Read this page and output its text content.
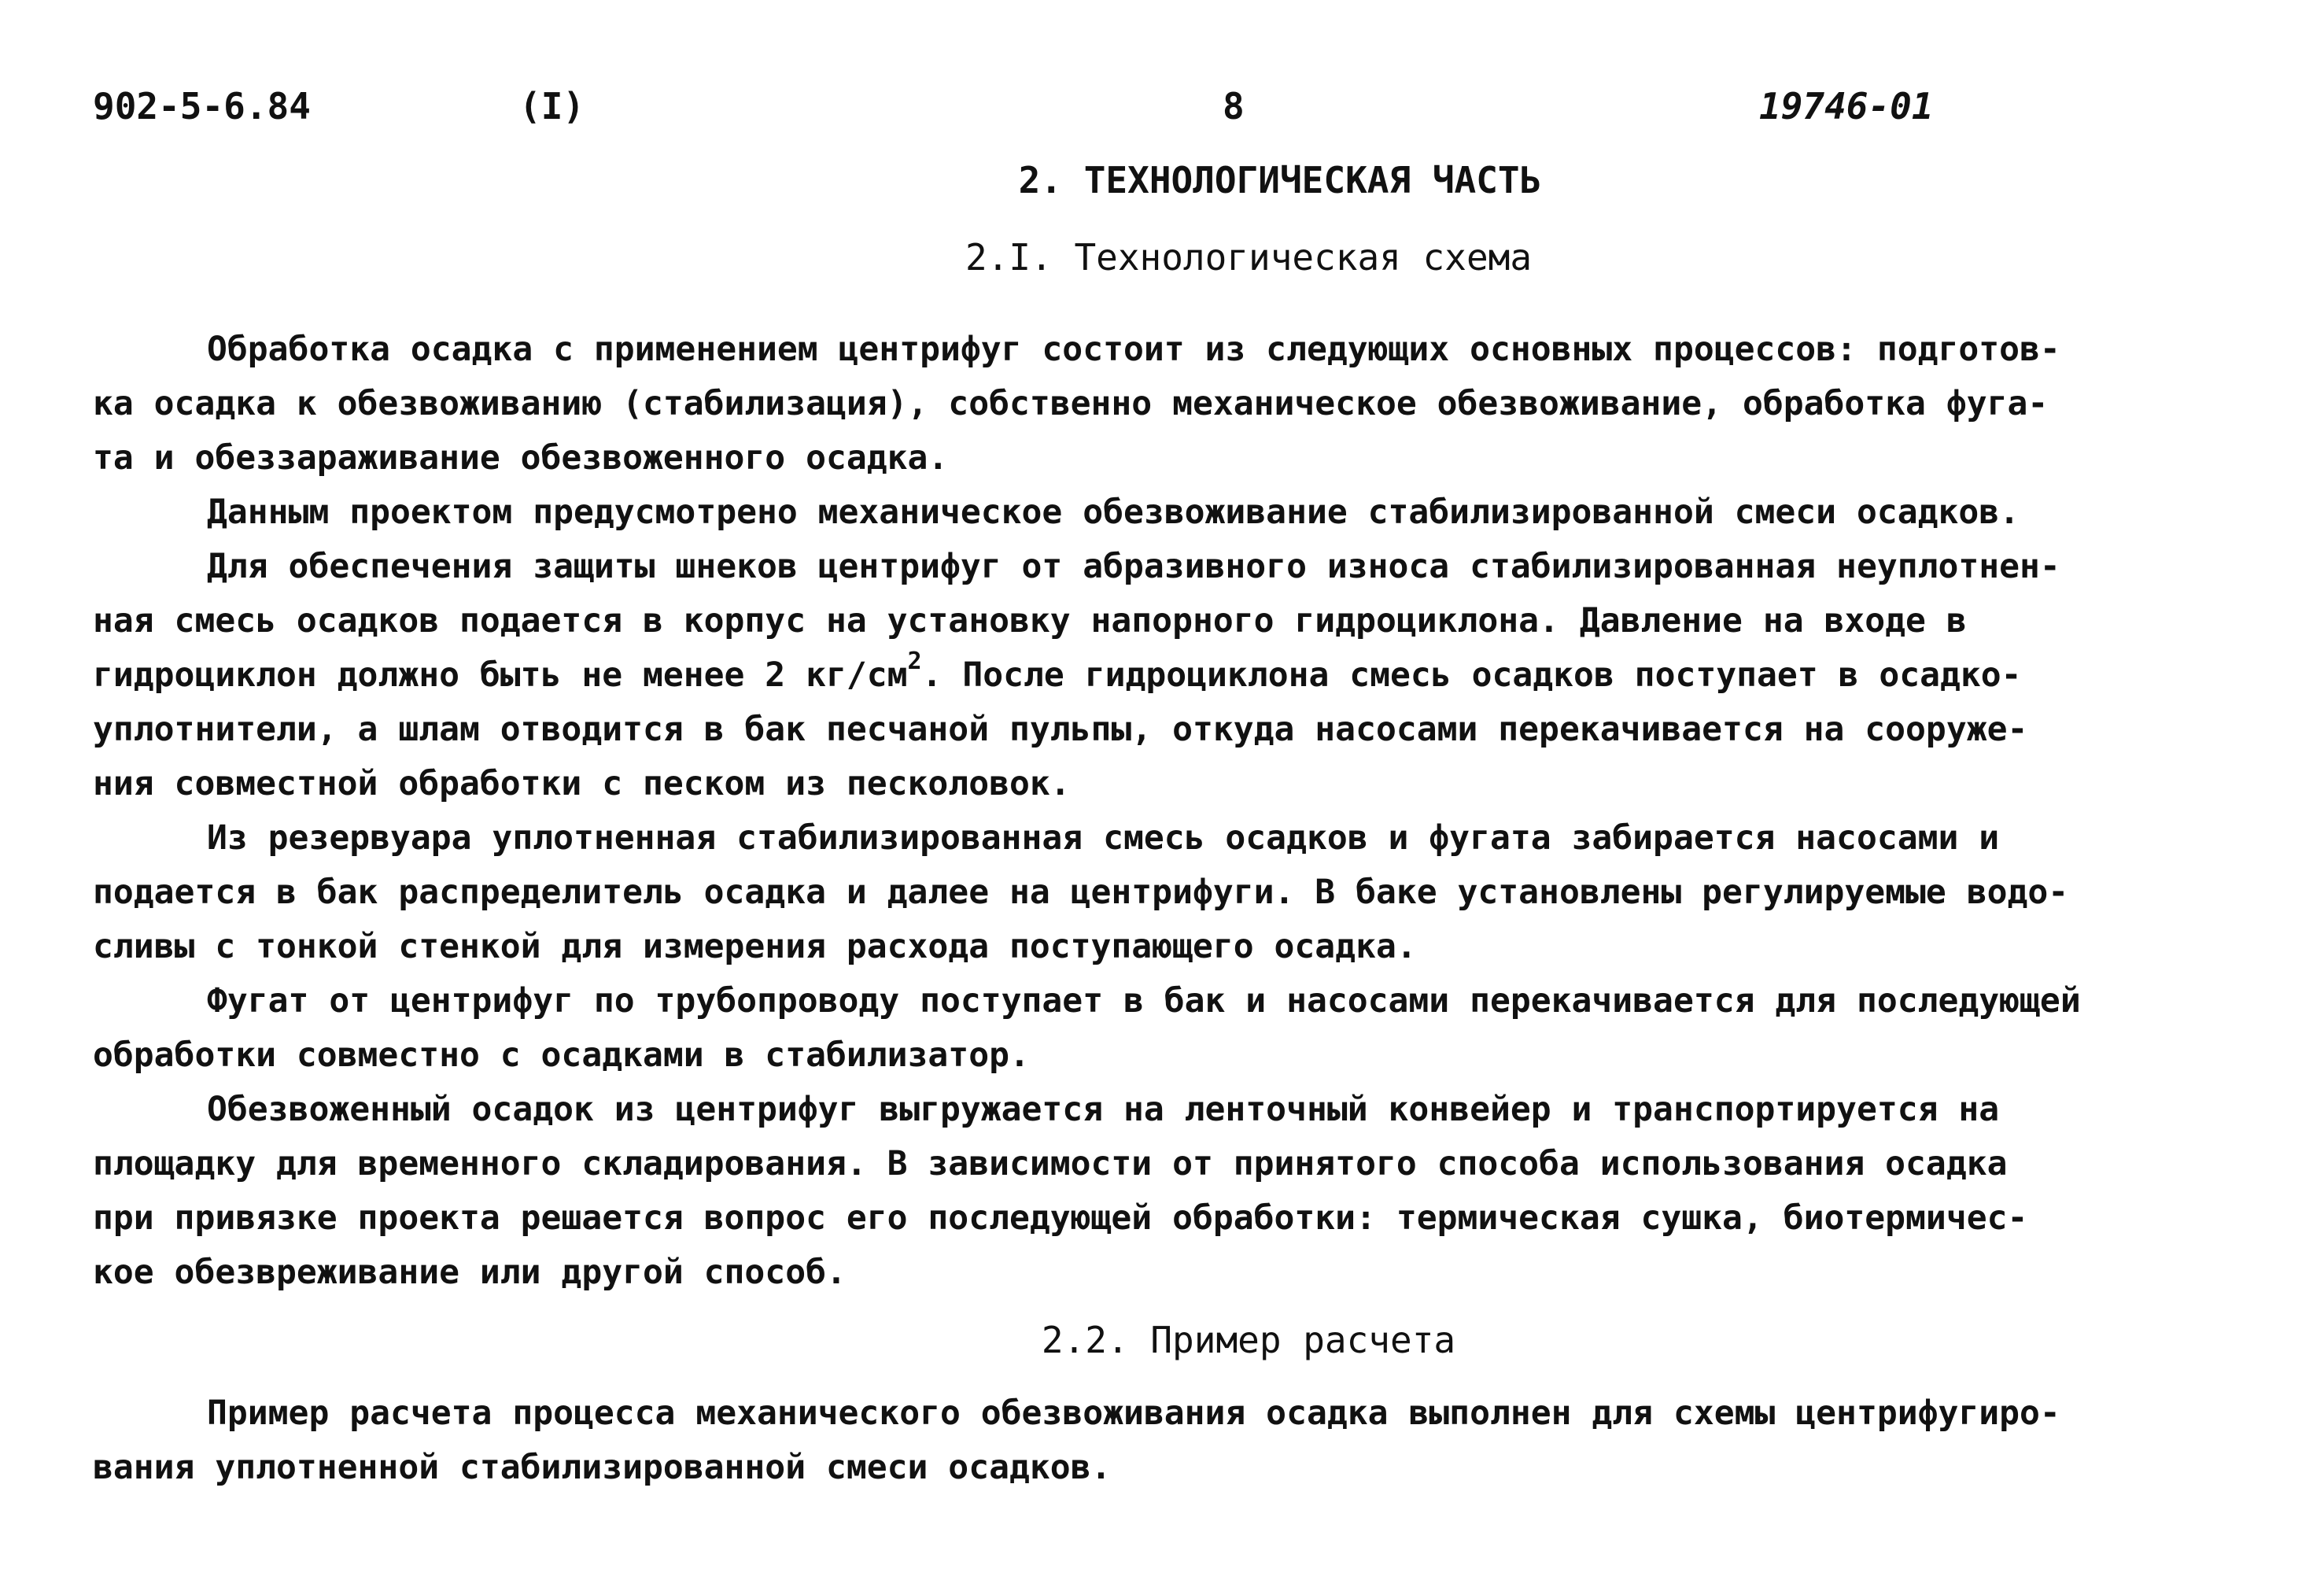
902-5-6.84	(I)	8	19746-01
2. ТЕХНОЛОГИЧЕСКАЯ ЧАСТЬ
2.I. Технологическая схема
Обработка осадка с применением центрифуг состоит из следующих основных процессов: подготов-
ка осадка к обезвоживанию (стабилизация), собственно механическое обезвоживание, обработка фуга-
та и обеззараживание обезвоженного осадка.
Данным проектом предусмотрено механическое обезвоживание стабилизированной смеси осадков.
Для обеспечения защиты шнеков центрифуг от абразивного износа стабилизированная неуплотнен-
ная смесь осадков подается в корпус на установку напорного гидроциклона. Давление на входе в
гидроциклон должно быть не менее 2 $кг/см^2$. После гидроциклона смесь осадков поступает в осадко-
уплотнители, а шлам отводится в бак песчаной пульпы, откуда насосами перекачивается на сооруже-
ния совместной обработки с песком из песколовок.
Из резервуара уплотненная стабилизированная смесь осадков и фугата забирается насосами и
подается в бак распределитель осадка и далее на центрифуги. В баке установлены регулируемые водо-
сливы с тонкой стенкой для измерения расхода поступающего осадка.
Фугат от центрифуг по трубопроводу поступает в бак и насосами перекачивается для последующей
обработки совместно с осадками в стабилизатор.
Обезвоженный осадок из центрифуг выгружается на ленточный конвейер и транспортируется на
площадку для временного складирования. В зависимости от принятого способа использования осадка
при привязке проекта решается вопрос его последующей обработки: термическая сушка, биотермичес-
кое обезвреживание или другой способ.
2.2. Пример расчета
Пример расчета процесса механического обезвоживания осадка выполнен для схемы центрифугиро-
вания уплотненной стабилизированной смеси осадков.
